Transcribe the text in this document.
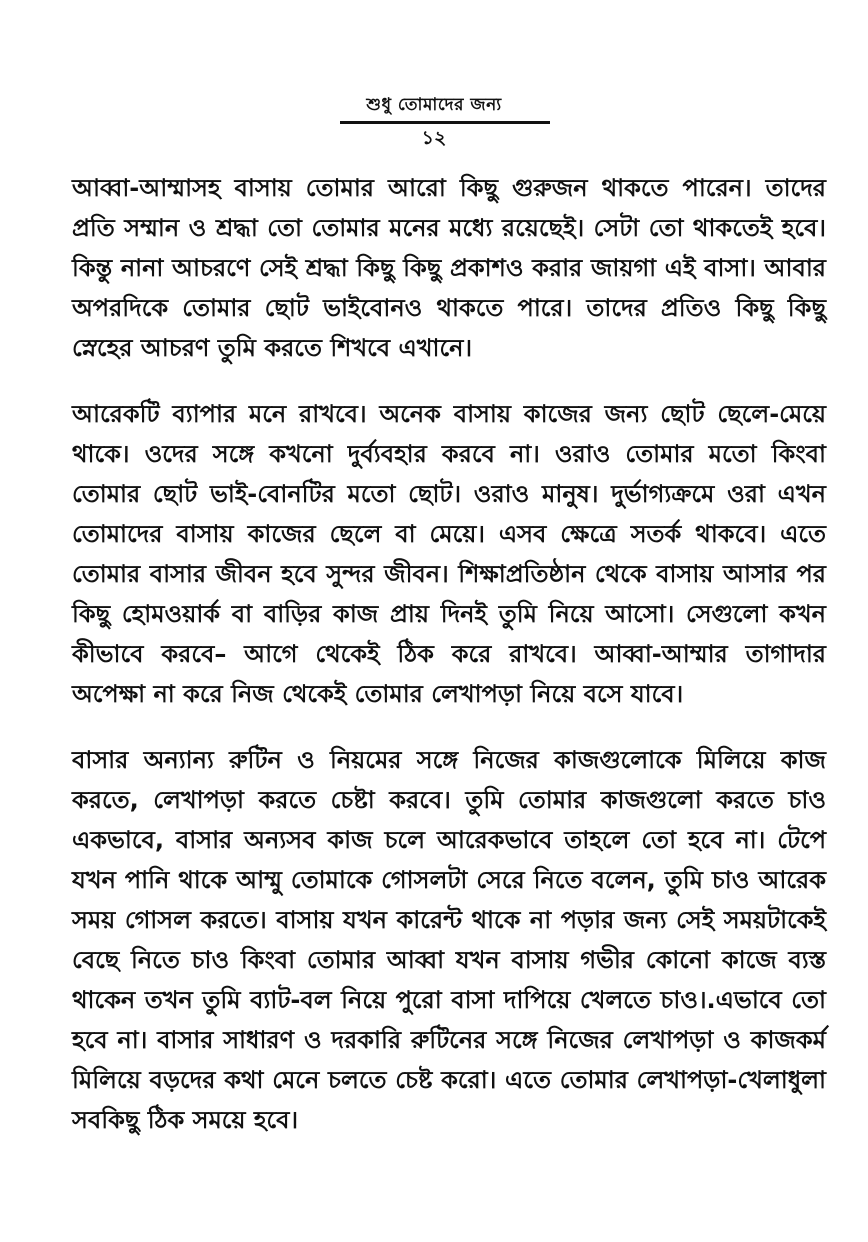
শুধু তোমাদের জন্য
১২

আব্বা-আম্মাসহ বাসায় তোমার আরো কিছু গুরুজন থাকতে পারেন। তাদের প্রতি সম্মান ও শ্রদ্ধা তো তোমার মনের মধ্যে রয়েছেই। সেটা তো থাকতেই হবে। কিন্তু নানা আচরণে সেই শ্রদ্ধা কিছু কিছু প্রকাশও করার জায়গা এই বাসা। আবার অপরদিকে তোমার ছোট ভাইবোনও থাকতে পারে। তাদের প্রতিও কিছু কিছু স্নেহের আচরণ তুমি করতে শিখবে এখানে।

আরেকটি ব্যাপার মনে রাখবে। অনেক বাসায় কাজের জন্য ছোট ছেলে-মেয়ে থাকে। ওদের সঙ্গে কখনো দুর্ব্যবহার করবে না। ওরাও তোমার মতো কিংবা তোমার ছোট ভাই-বোনটির মতো ছোট। ওরাও মানুষ। দুর্ভাগ্যক্রমে ওরা এখন তোমাদের বাসায় কাজের ছেলে বা মেয়ে। এসব ক্ষেত্রে সতর্ক থাকবে। এতে তোমার বাসার জীবন হবে সুন্দর জীবন। শিক্ষাপ্রতিষ্ঠান থেকে বাসায় আসার পর কিছু হোমওয়ার্ক বা বাড়ির কাজ প্রায় দিনই তুমি নিয়ে আসো। সেগুলো কখন কীভাবে করবে– আগে থেকেই ঠিক করে রাখবে। আব্বা-আম্মার তাগাদার অপেক্ষা না করে নিজ থেকেই তোমার লেখাপড়া নিয়ে বসে যাবে।

বাসার অন্যান্য রুটিন ও নিয়মের সঙ্গে নিজের কাজগুলোকে মিলিয়ে কাজ করতে, লেখাপড়া করতে চেষ্টা করবে। তুমি তোমার কাজগুলো করতে চাও একভাবে, বাসার অন্যসব কাজ চলে আরেকভাবে তাহলে তো হবে না। টেপে যখন পানি থাকে আম্মু তোমাকে গোসলটা সেরে নিতে বলেন, তুমি চাও আরেক সময় গোসল করতে। বাসায় যখন কারেন্ট থাকে না পড়ার জন্য সেই সময়টাকেই বেছে নিতে চাও কিংবা তোমার আব্বা যখন বাসায় গভীর কোনো কাজে ব্যস্ত থাকেন তখন তুমি ব্যাট-বল নিয়ে পুরো বাসা দাপিয়ে খেলতে চাও।.এভাবে তো হবে না। বাসার সাধারণ ও দরকারি রুটিনের সঙ্গে নিজের লেখাপড়া ও কাজকর্ম মিলিয়ে বড়দের কথা মেনে চলতে চেষ্ট করো। এতে তোমার লেখাপড়া-খেলাধুলা সবকিছু ঠিক সময়ে হবে।
